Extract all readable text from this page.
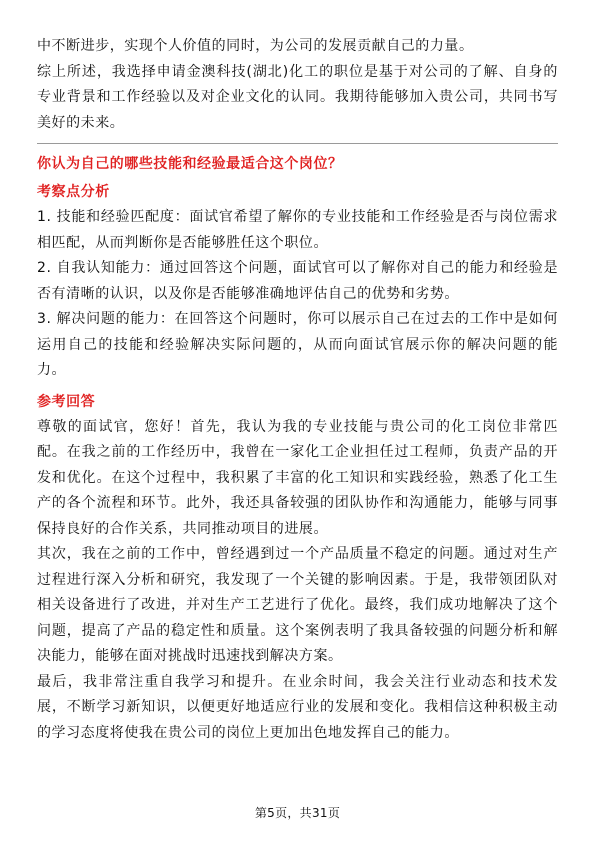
中不断进步，实现个人价值的同时，为公司的发展贡献自己的力量。

综上所述，我选择申请金澳科技(湖北)化工的职位是基于对公司的了解、自身的专业背景和工作经验以及对企业文化的认同。我期待能够加入贵公司，共同书写美好的未来。

你认为自己的哪些技能和经验最适合这个岗位？

考察点分析

1. 技能和经验匹配度：面试官希望了解你的专业技能和工作经验是否与岗位需求相匹配，从而判断你是否能够胜任这个职位。

2. 自我认知能力：通过回答这个问题，面试官可以了解你对自己的能力和经验是否有清晰的认识，以及你是否能够准确地评估自己的优势和劣势。

3. 解决问题的能力：在回答这个问题时，你可以展示自己在过去的工作中是如何运用自己的技能和经验解决实际问题的，从而向面试官展示你的解决问题的能力。

参考回答

尊敬的面试官，您好！首先，我认为我的专业技能与贵公司的化工岗位非常匹配。在我之前的工作经历中，我曾在一家化工企业担任过工程师，负责产品的开发和优化。在这个过程中，我积累了丰富的化工知识和实践经验，熟悉了化工生产的各个流程和环节。此外，我还具备较强的团队协作和沟通能力，能够与同事保持良好的合作关系，共同推动项目的进展。

其次，我在之前的工作中，曾经遇到过一个产品质量不稳定的问题。通过对生产过程进行深入分析和研究，我发现了一个关键的影响因素。于是，我带领团队对相关设备进行了改进，并对生产工艺进行了优化。最终，我们成功地解决了这个问题，提高了产品的稳定性和质量。这个案例表明了我具备较强的问题分析和解决能力，能够在面对挑战时迅速找到解决方案。

最后，我非常注重自我学习和提升。在业余时间，我会关注行业动态和技术发展，不断学习新知识，以便更好地适应行业的发展和变化。我相信这种积极主动的学习态度将使我在贵公司的岗位上更加出色地发挥自己的能力。

第5页，共31页
